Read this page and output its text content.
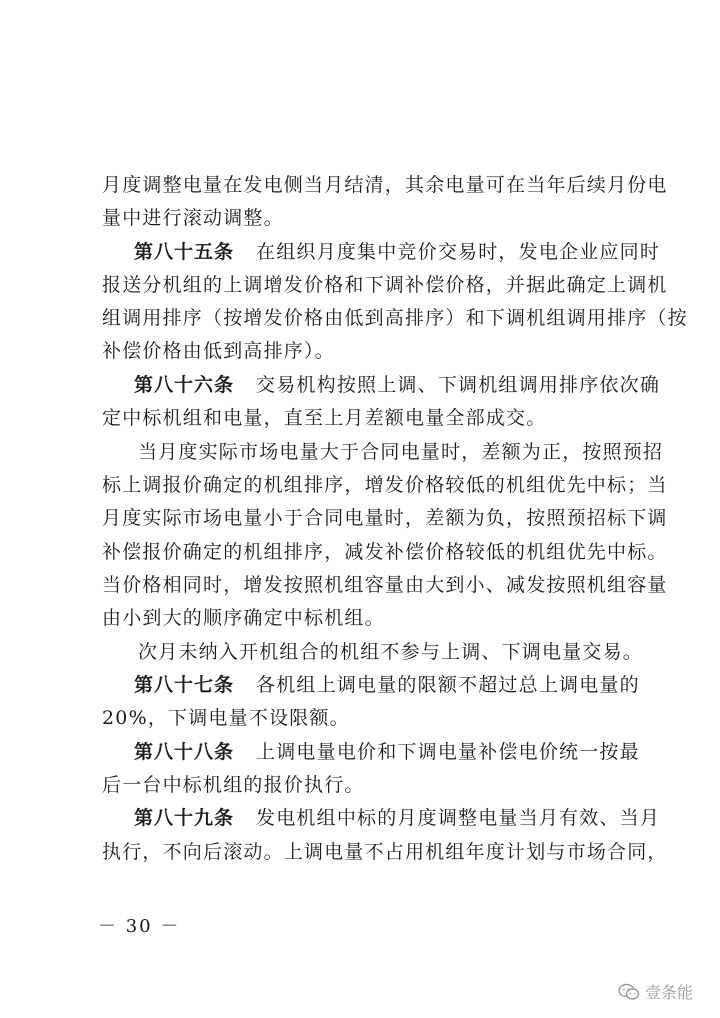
月度调整电量在发电侧当月结清，其余电量可在当年后续月份电
量中进行滚动调整。
第八十五条 在组织月度集中竞价交易时，发电企业应同时
报送分机组的上调增发价格和下调补偿价格，并据此确定上调机
组调用排序（按增发价格由低到高排序）和下调机组调用排序（按
补偿价格由低到高排序）。
第八十六条 交易机构按照上调、下调机组调用排序依次确
定中标机组和电量，直至上月差额电量全部成交。
当月度实际市场电量大于合同电量时，差额为正，按照预招
标上调报价确定的机组排序，增发价格较低的机组优先中标；当
月度实际市场电量小于合同电量时，差额为负，按照预招标下调
补偿报价确定的机组排序，减发补偿价格较低的机组优先中标。
当价格相同时，增发按照机组容量由大到小、减发按照机组容量
由小到大的顺序确定中标机组。
次月未纳入开机组合的机组不参与上调、下调电量交易。
第八十七条 各机组上调电量的限额不超过总上调电量的
20%，下调电量不设限额。
第八十八条 上调电量电价和下调电量补偿电价统一按最
后一台中标机组的报价执行。
第八十九条 发电机组中标的月度调整电量当月有效、当月
执行，不向后滚动。上调电量不占用机组年度计划与市场合同，
－ 30 －
壹条能
